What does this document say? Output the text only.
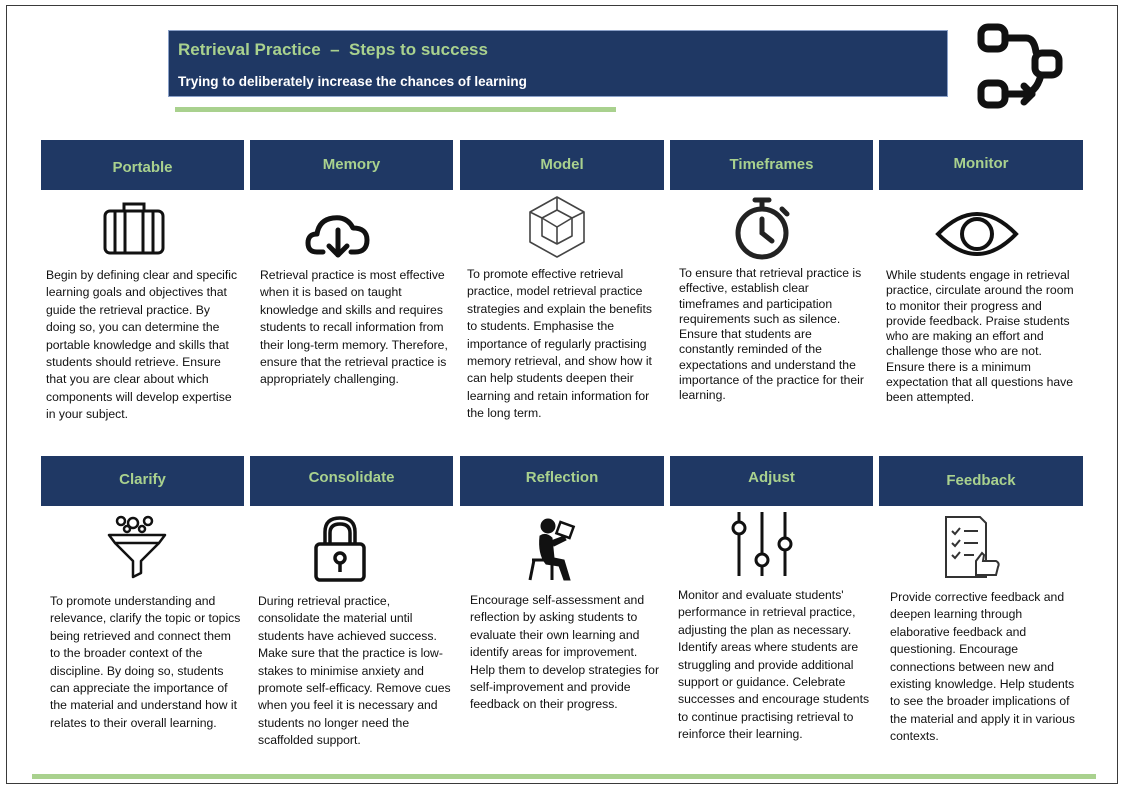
Retrieval Practice  –  Steps to success
Trying to deliberately increase the chances of learning
Portable	Memory	Model	Timeframes	Monitor
Begin by defining clear and specific learning goals and objectives that guide the retrieval practice. By doing so, you can determine the portable knowledge and skills that students should retrieve. Ensure that you are clear about which components will develop expertise in your subject.
Retrieval practice is most effective when it is based on taught knowledge and skills and requires students to recall information from their long-term memory. Therefore, ensure that the retrieval practice is appropriately challenging.
To promote effective retrieval practice, model retrieval practice strategies and explain the benefits to students. Emphasise the importance of regularly practising memory retrieval, and show how it can help students deepen their learning and retain information for the long term.
To ensure that retrieval practice is effective, establish clear timeframes and participation requirements such as silence. Ensure that students are constantly reminded of the expectations and understand the importance of the practice for their learning.
While students engage in retrieval practice, circulate around the room to monitor their progress and provide feedback. Praise students who are making an effort and challenge those who are not. Ensure there is a minimum expectation that all questions have been attempted.
Clarify	Consolidate	Reflection	Adjust	Feedback
To promote understanding and relevance, clarify the topic or topics being retrieved and connect them to the broader context of the discipline. By doing so, students can appreciate the importance of the material and understand how it relates to their overall learning.
During retrieval practice, consolidate the material until students have achieved success. Make sure that the practice is low-stakes to minimise anxiety and promote self-efficacy. Remove cues when you feel it is necessary and students no longer need the scaffolded support.
Encourage self-assessment and reflection by asking students to evaluate their own learning and identify areas for improvement. Help them to develop strategies for self-improvement and provide feedback on their progress.
Monitor and evaluate students' performance in retrieval practice, adjusting the plan as necessary. Identify areas where students are struggling and provide additional support or guidance. Celebrate successes and encourage students to continue practising retrieval to reinforce their learning.
Provide corrective feedback and deepen learning through elaborative feedback and questioning. Encourage connections between new and existing knowledge. Help students to see the broader implications of the material and apply it in various contexts.
